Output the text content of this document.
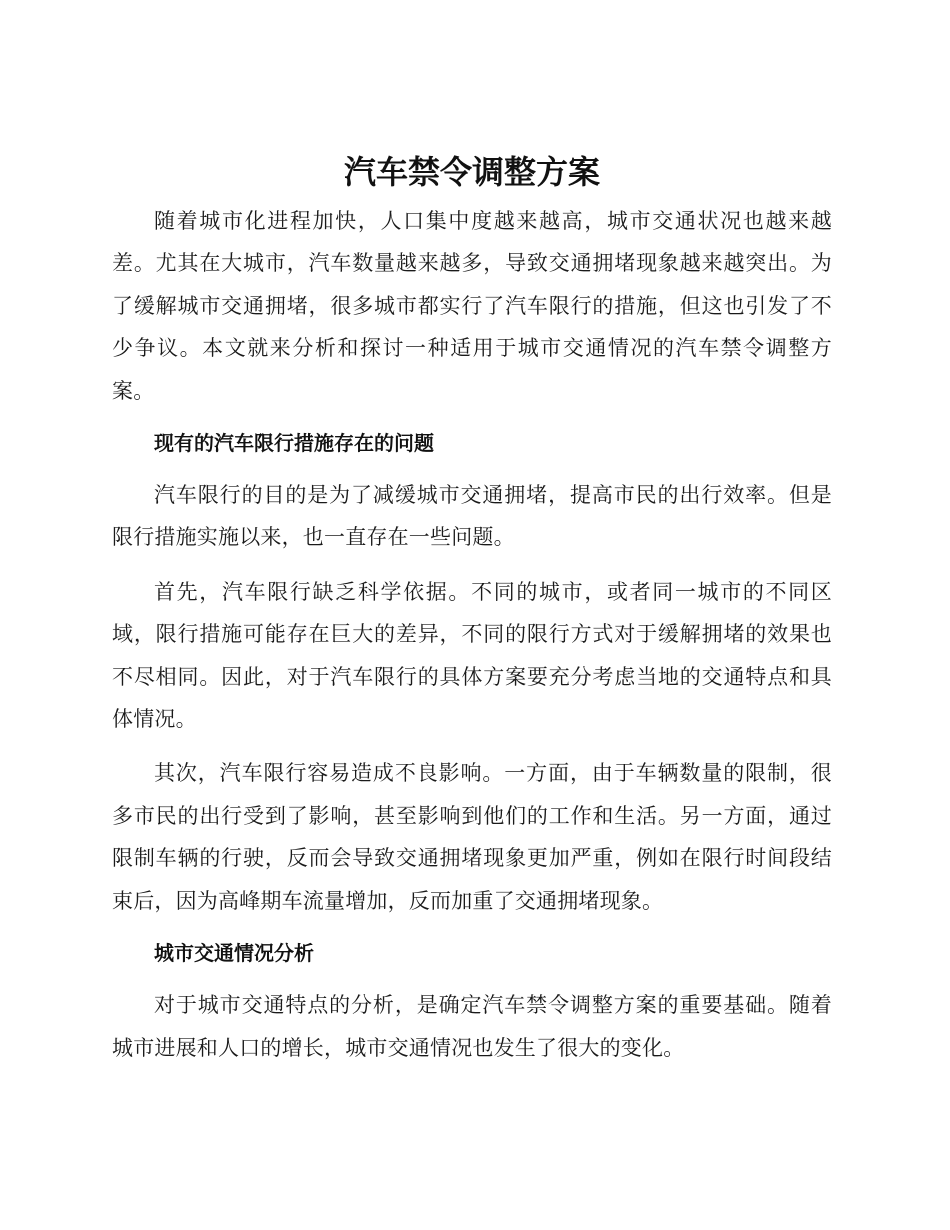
汽车禁令调整方案

随着城市化进程加快，人口集中度越来越高，城市交通状况也越来越差。尤其在大城市，汽车数量越来越多，导致交通拥堵现象越来越突出。为了缓解城市交通拥堵，很多城市都实行了汽车限行的措施，但这也引发了不少争议。本文就来分析和探讨一种适用于城市交通情况的汽车禁令调整方案。

现有的汽车限行措施存在的问题

汽车限行的目的是为了减缓城市交通拥堵，提高市民的出行效率。但是限行措施实施以来，也一直存在一些问题。

首先，汽车限行缺乏科学依据。不同的城市，或者同一城市的不同区域，限行措施可能存在巨大的差异，不同的限行方式对于缓解拥堵的效果也不尽相同。因此，对于汽车限行的具体方案要充分考虑当地的交通特点和具体情况。

其次，汽车限行容易造成不良影响。一方面，由于车辆数量的限制，很多市民的出行受到了影响，甚至影响到他们的工作和生活。另一方面，通过限制车辆的行驶，反而会导致交通拥堵现象更加严重，例如在限行时间段结束后，因为高峰期车流量增加，反而加重了交通拥堵现象。

城市交通情况分析

对于城市交通特点的分析，是确定汽车禁令调整方案的重要基础。随着城市进展和人口的增长，城市交通情况也发生了很大的变化。
